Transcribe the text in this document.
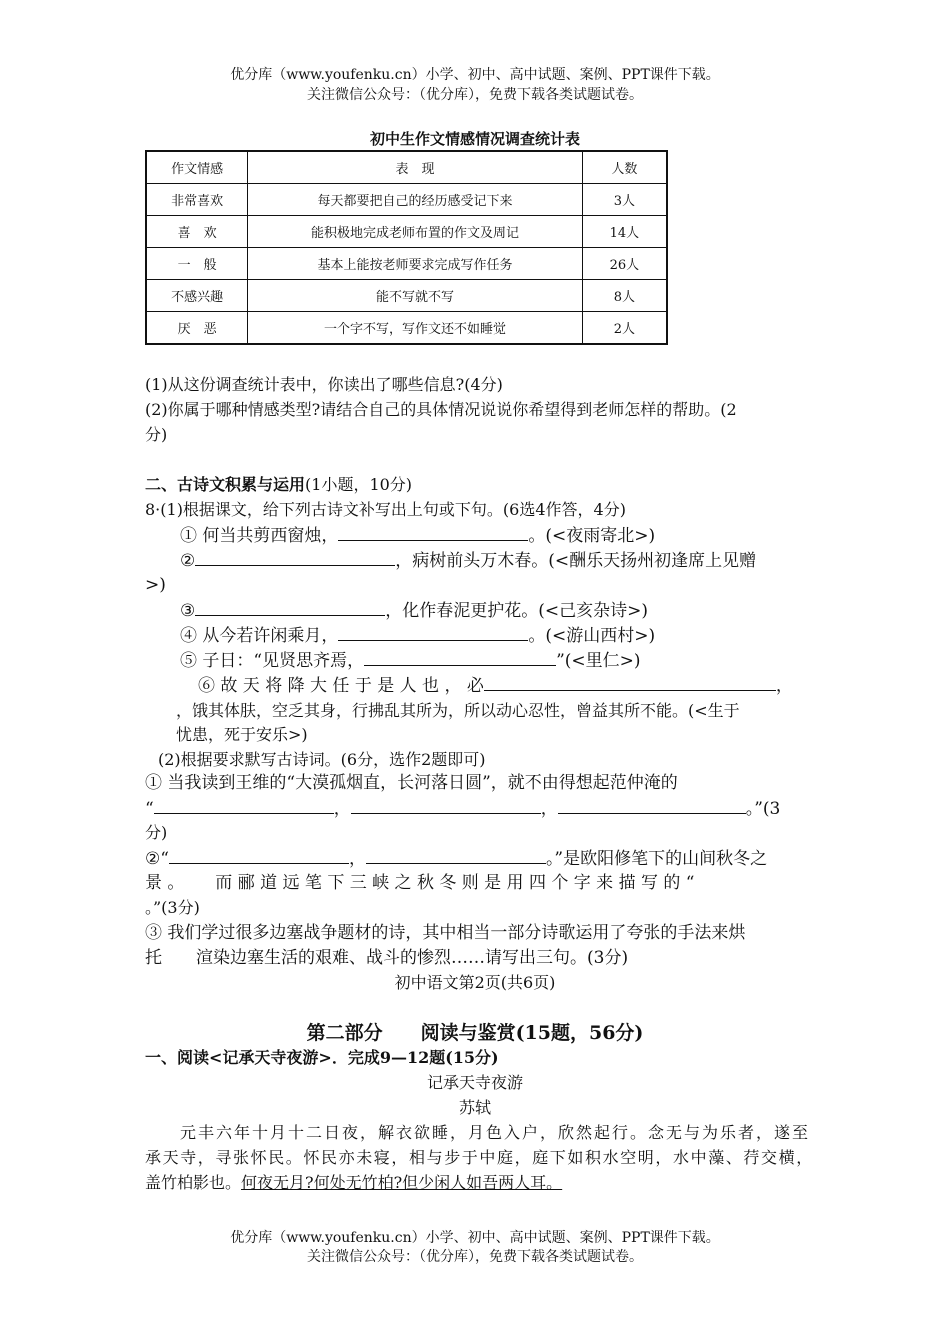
优分库（www.youfenku.cn）小学、初中、高中试题、案例、PPT课件下载。
关注微信公众号：（优分库），免费下载各类试题试卷。
初中生作文情感情况调查统计表
作文情感	表　现	人数
非常喜欢	每天都要把自己的经历感受记下来	3人
喜　欢	能积极地完成老师布置的作文及周记	14人
一　般	基本上能按老师要求完成写作任务	26人
不感兴趣	能不写就不写	8人
厌　恶	一个字不写，写作文还不如睡觉	2人
(1)从这份调查统计表中，你读出了哪些信息?(4分)
(2)你属于哪种情感类型?请结合自己的具体情况说说你希望得到老师怎样的帮助。(2
分)
二、古诗文积累与运用(1小题，10分)
8·(1)根据课文，给下列古诗文补写出上句或下句。(6选4作答，4分)
① 何当共剪西窗烛，	。(<夜雨寄北>)
②	，病树前头万木春。(<酬乐天扬州初逢席上见赠
>)
③	，化作春泥更护花。(<己亥杂诗>)
④ 从今若许闲乘月，	。(<游山西村>)
⑤ 子日：“见贤思齐焉，	”(<里仁>)
⑥ 故 天 将 降 大 任 于 是 人 也 ， 必	，
，饿其体肤，空乏其身，行拂乱其所为，所以动心忍性，曾益其所不能。(<生于
忧患，死于安乐>)
(2)根据要求默写古诗词。(6分，选作2题即可)
① 当我读到王维的“大漠孤烟直，长河落日圆”，就不由得想起范仲淹的
“	，	，	。”(3
分)
②“	，	。”是欧阳修笔下的山间秋冬之
景 。　　 而 郦 道 远 笔 下 三 峡 之 秋 冬 则 是 用 四 个 字 来 描 写 的 “
。”(3分)
③ 我们学过很多边塞战争题材的诗，其中相当一部分诗歌运用了夸张的手法来烘
托　　渲染边塞生活的艰难、战斗的惨烈……请写出三句。(3分)
初中语文第2页(共6页)
第二部分　　阅读与鉴赏(15题，56分)
一、阅读<记承天寺夜游>．完成9—12题(15分)
记承天寺夜游
苏轼
元丰六年十月十二日夜，解衣欲睡，月色入户，欣然起行。念无与为乐者，遂至
承天寺，寻张怀民。怀民亦未寝，相与步于中庭，庭下如积水空明，水中藻、荇交横，
盖竹柏影也。何夜无月?何处无竹柏?但少闲人如吾两人耳。
优分库（www.youfenku.cn）小学、初中、高中试题、案例、PPT课件下载。
关注微信公众号：（优分库），免费下载各类试题试卷。
